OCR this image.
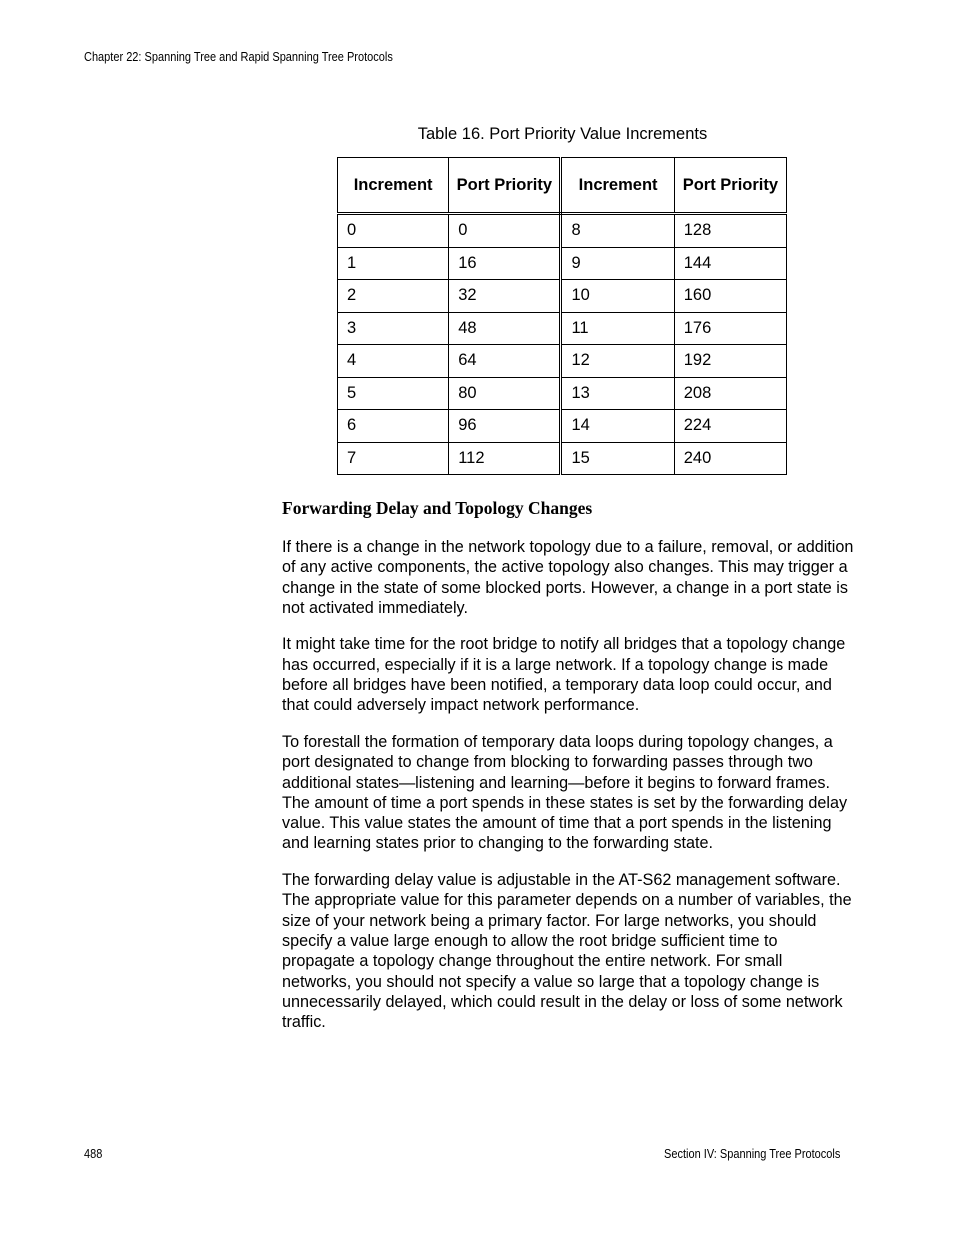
Chapter 22: Spanning Tree and Rapid Spanning Tree Protocols
Table 16. Port Priority Value Increments
Increment	Port Priority	Increment	Port Priority
0	0	8	128
1	16	9	144
2	32	10	160
3	48	11	176
4	64	12	192
5	80	13	208
6	96	14	224
7	112	15	240
Forwarding Delay and Topology Changes

If there is a change in the network topology due to a failure, removal, or addition of any active components, the active topology also changes. This may trigger a change in the state of some blocked ports. However, a change in a port state is not activated immediately.

It might take time for the root bridge to notify all bridges that a topology change has occurred, especially if it is a large network. If a topology change is made before all bridges have been notified, a temporary data loop could occur, and that could adversely impact network performance.

To forestall the formation of temporary data loops during topology changes, a port designated to change from blocking to forwarding passes through two additional states—listening and learning—before it begins to forward frames. The amount of time a port spends in these states is set by the forwarding delay value. This value states the amount of time that a port spends in the listening and learning states prior to changing to the forwarding state.

The forwarding delay value is adjustable in the AT-S62 management software. The appropriate value for this parameter depends on a number of variables, the size of your network being a primary factor. For large networks, you should specify a value large enough to allow the root bridge sufficient time to propagate a topology change throughout the entire network. For small networks, you should not specify a value so large that a topology change is unnecessarily delayed, which could result in the delay or loss of some network traffic.

488	Section IV: Spanning Tree Protocols
